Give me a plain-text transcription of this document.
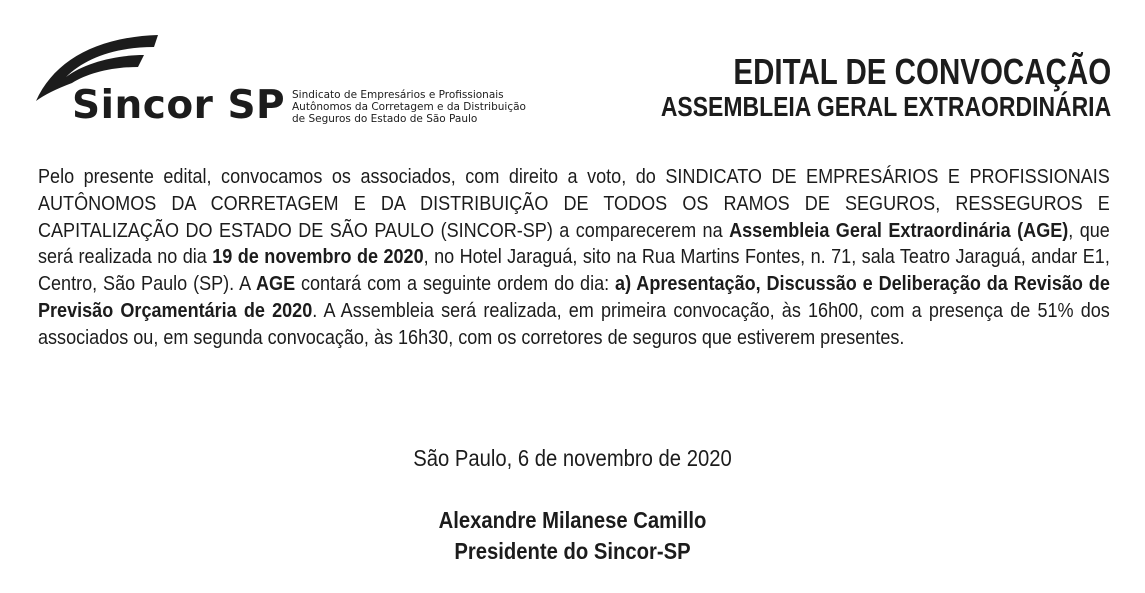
Sincor SP Sindicato de Empresários e Profissionais
Autônomos da Corretagem e da Distribuição
de Seguros do Estado de São Paulo
EDITAL DE CONVOCAÇÃO
ASSEMBLEIA GERAL EXTRAORDINÁRIA
Pelo presente edital, convocamos os associados, com direito a voto, do SINDICATO DE EMPRESÁRIOS E PROFISSIONAIS AUTÔNOMOS DA CORRETAGEM E DA DISTRIBUIÇÃO DE TODOS OS RAMOS DE SEGUROS, RESSEGUROS E CAPITALIZAÇÃO DO ESTADO DE SÃO PAULO (SINCOR-SP) a comparecerem na Assembleia Geral Extraordinária (AGE), que será realizada no dia 19 de novembro de 2020, no Hotel Jaraguá, sito na Rua Martins Fontes, n. 71, sala Teatro Jaraguá, andar E1, Centro, São Paulo (SP). A AGE contará com a seguinte ordem do dia: a) Apresentação, Discussão e Deliberação da Revisão de Previsão Orçamentária de 2020. A Assembleia será realizada, em primeira convocação, às 16h00, com a presença de 51% dos associados ou, em segunda convocação, às 16h30, com os corretores de seguros que estiverem presentes.
São Paulo, 6 de novembro de 2020
Alexandre Milanese Camillo
Presidente do Sincor-SP
